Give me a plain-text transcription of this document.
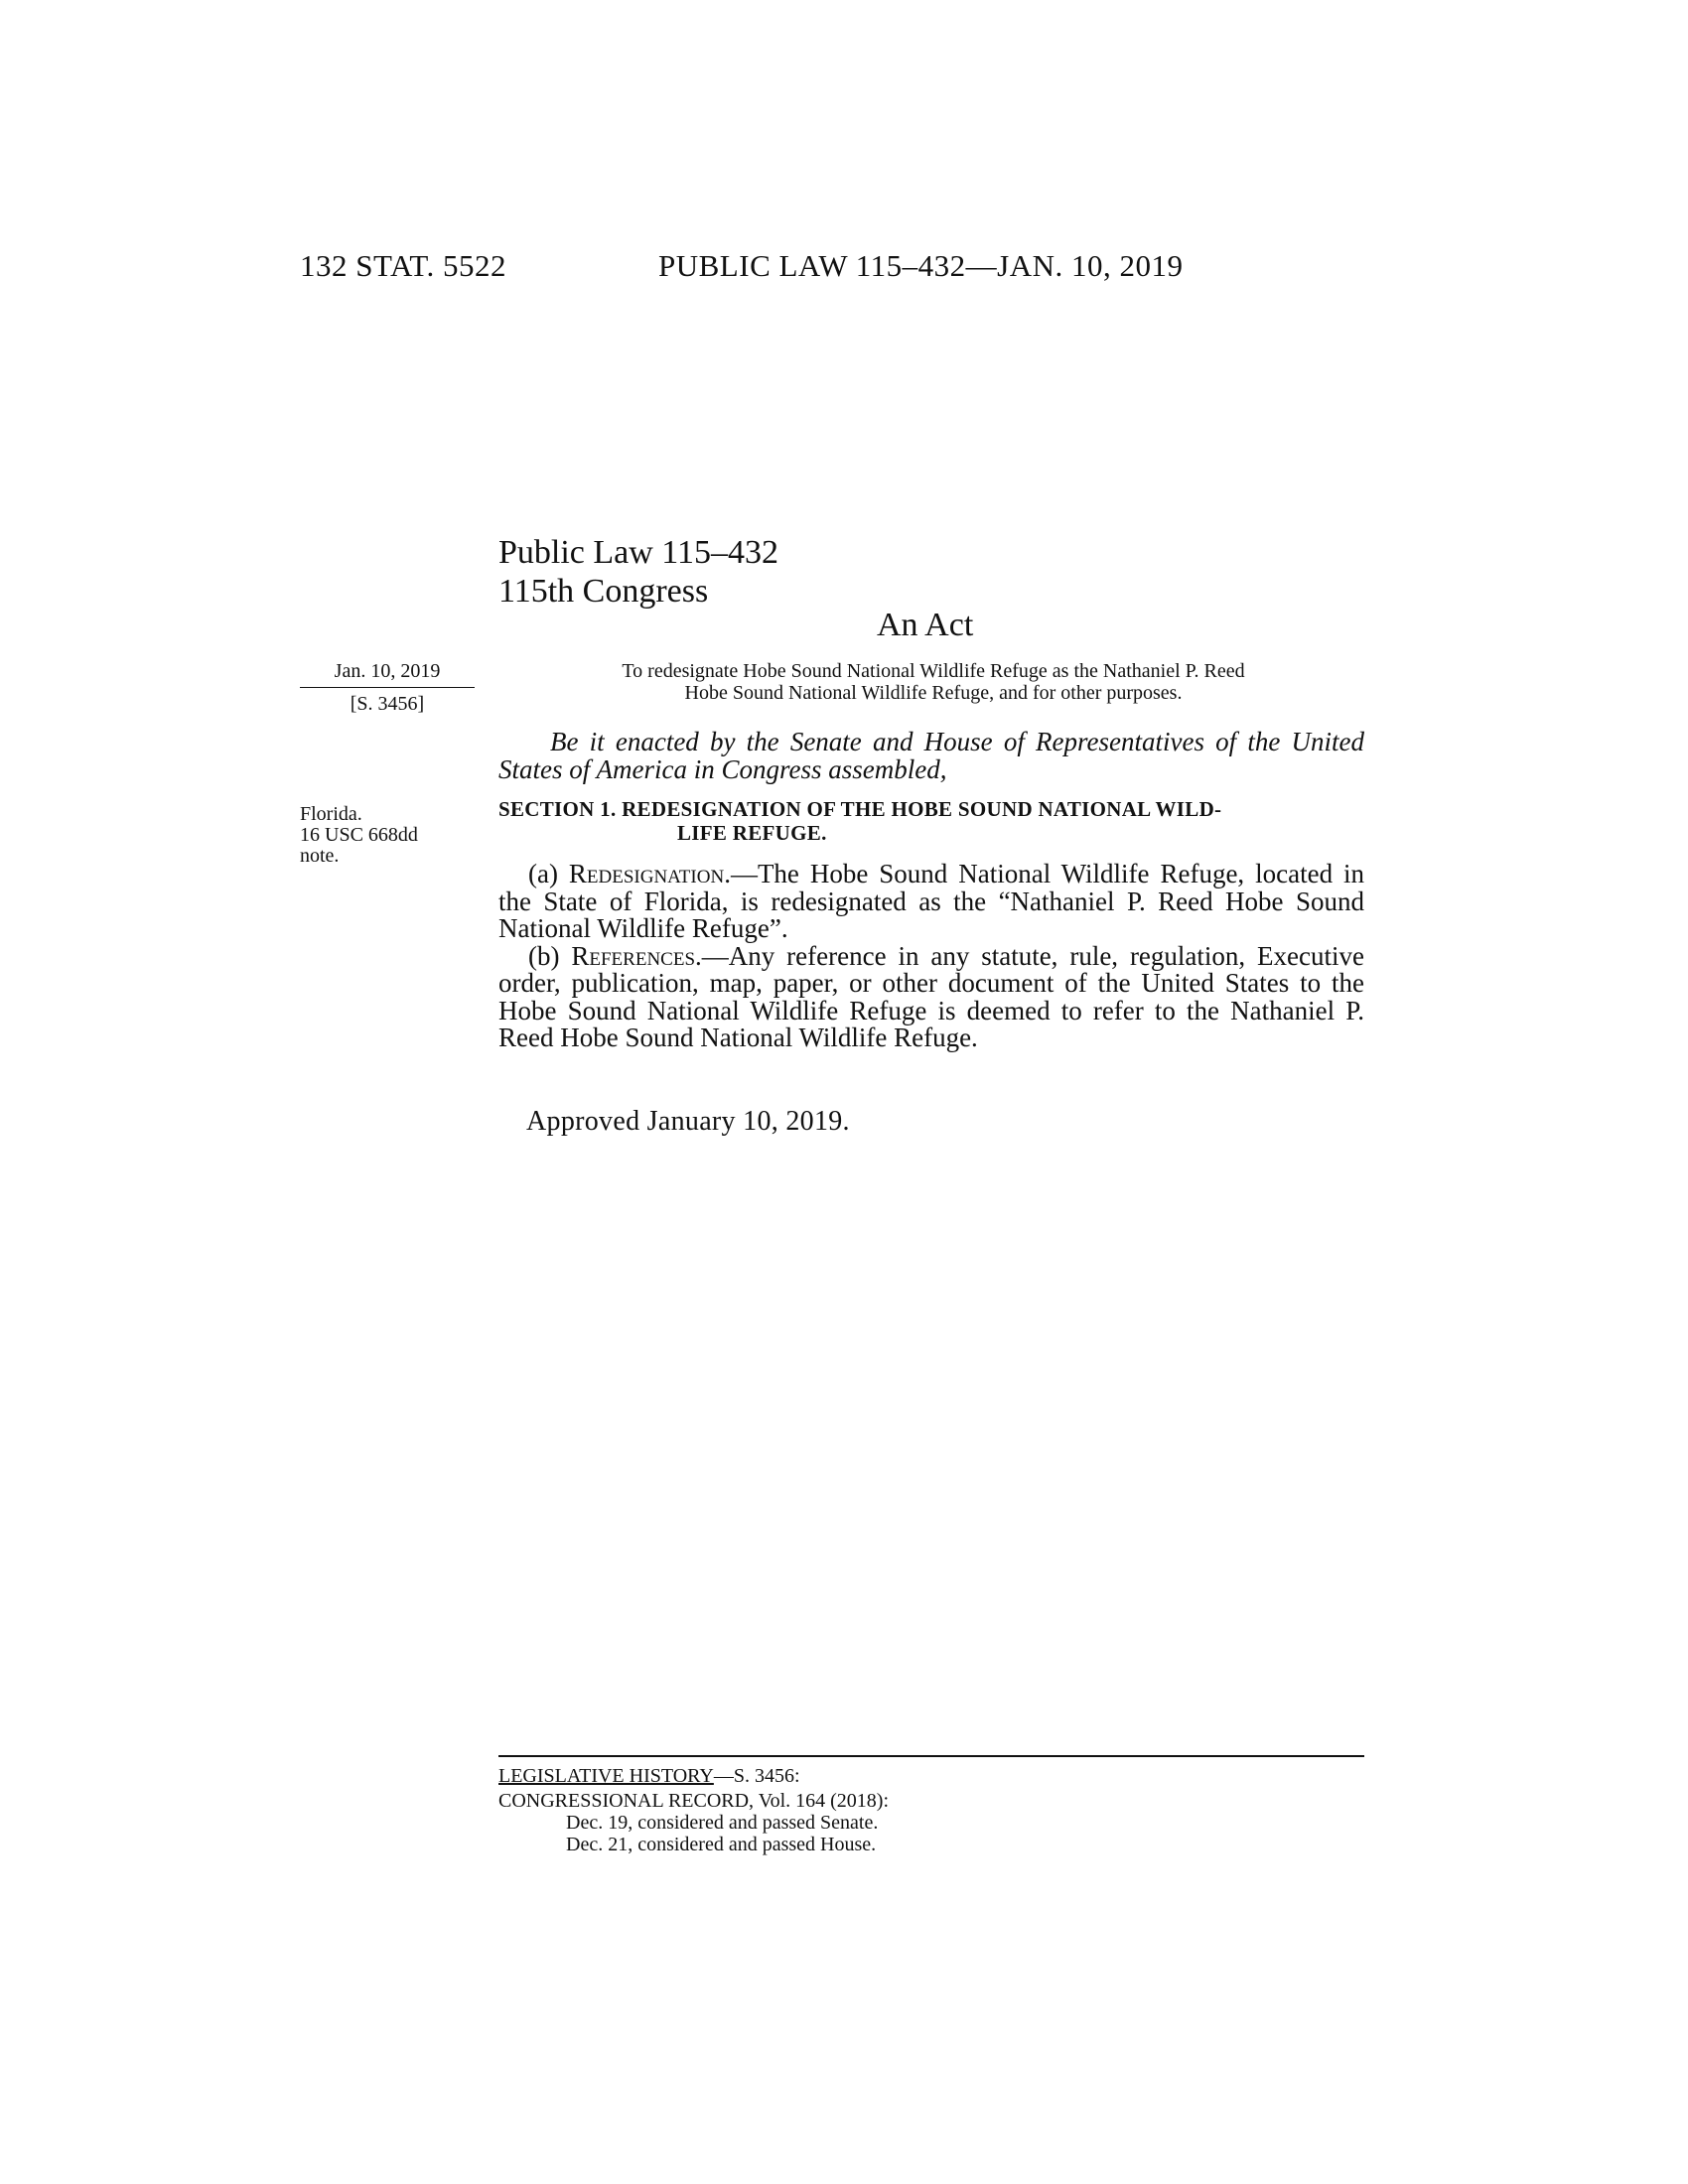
132 STAT. 5522	PUBLIC LAW 115–432—JAN. 10, 2019
Public Law 115–432
115th Congress
An Act
Jan. 10, 2019
[S. 3456]
Florida.
16 USC 668dd
note.
To redesignate Hobe Sound National Wildlife Refuge as the Nathaniel P. Reed
Hobe Sound National Wildlife Refuge, and for other purposes.
Be it enacted by the Senate and House of Representatives of the United States of America in Congress assembled,
SECTION 1. REDESIGNATION OF THE HOBE SOUND NATIONAL WILD-
LIFE REFUGE.

(a) Redesignation.—The Hobe Sound National Wildlife Refuge, located in the State of Florida, is redesignated as the “Nathaniel P. Reed Hobe Sound National Wildlife Refuge”.

(b) References.—Any reference in any statute, rule, regulation, Executive order, publication, map, paper, or other document of the United States to the Hobe Sound National Wildlife Refuge is deemed to refer to the Nathaniel P. Reed Hobe Sound National Wildlife Refuge.

Approved January 10, 2019.
LEGISLATIVE HISTORY—S. 3456:
CONGRESSIONAL RECORD, Vol. 164 (2018):
Dec. 19, considered and passed Senate.
Dec. 21, considered and passed House.
